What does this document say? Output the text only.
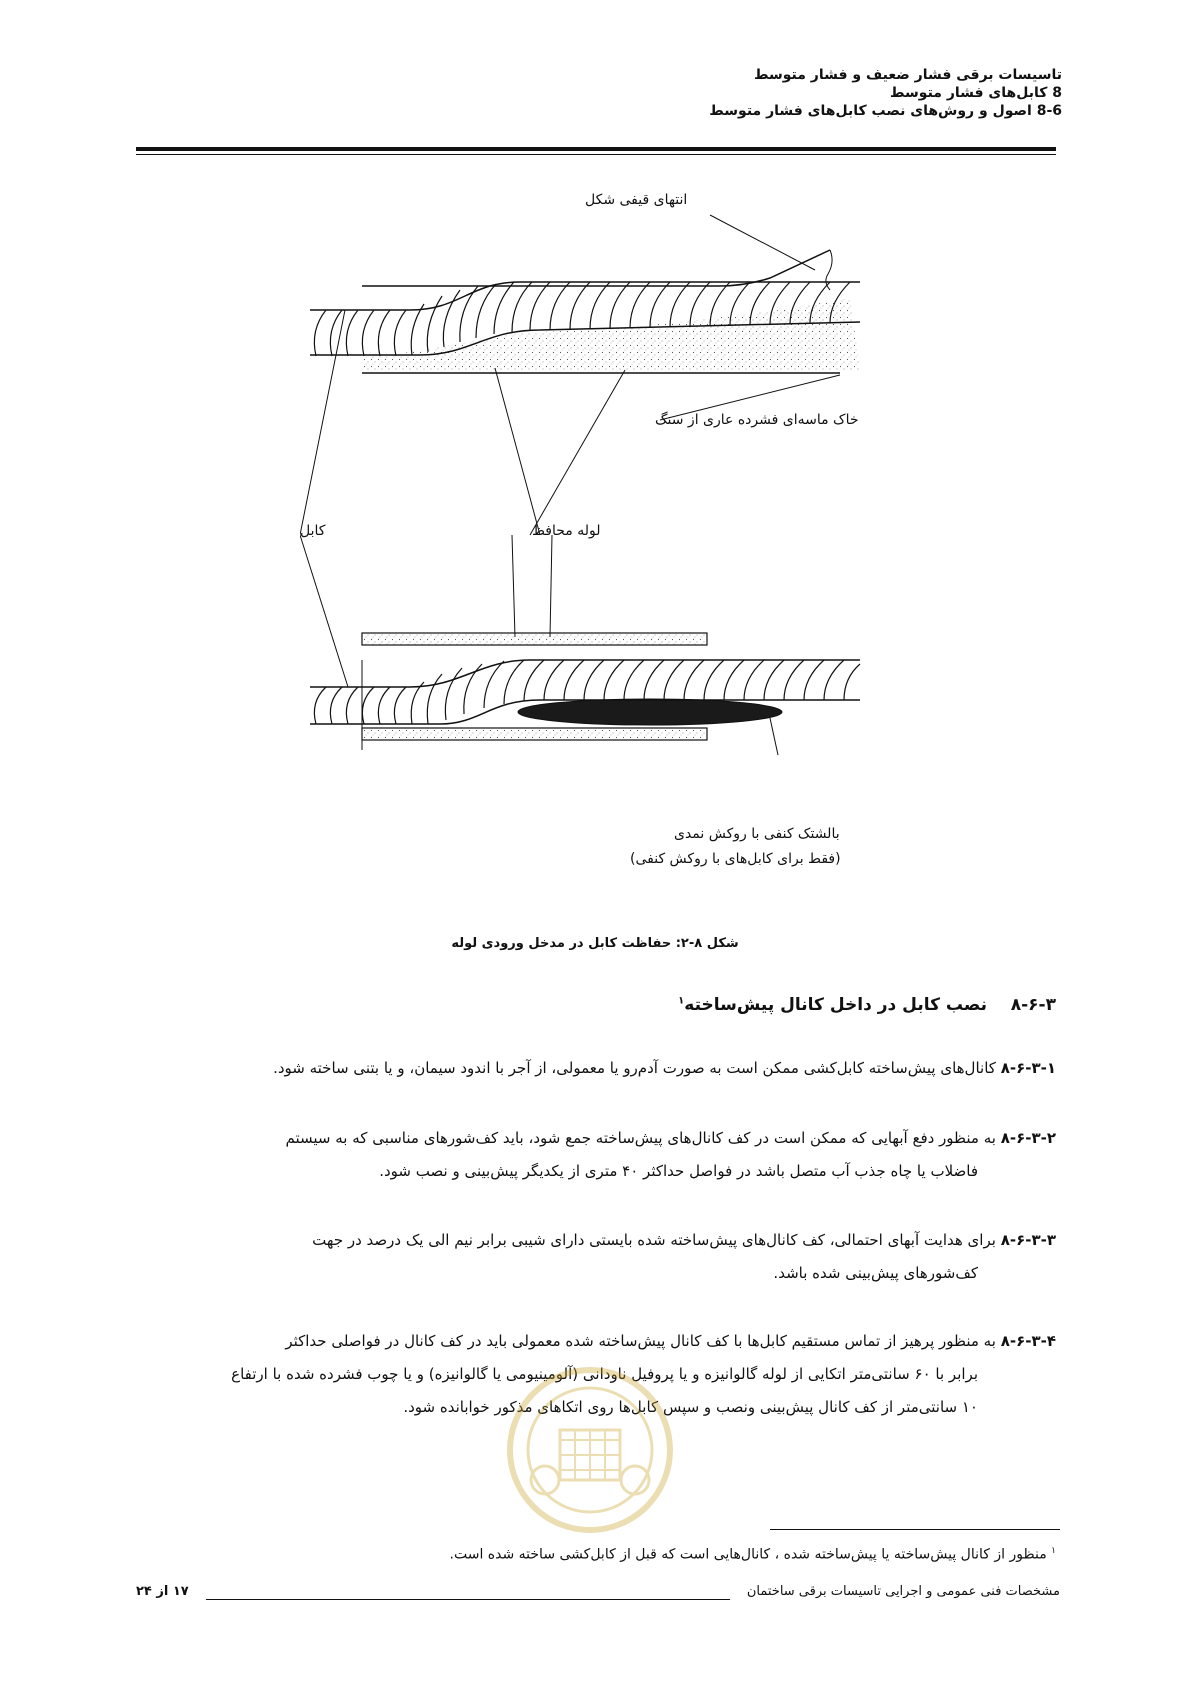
تاسیسات برقی فشار ضعیف و فشار متوسط
8 کابل‌های فشار متوسط
8-6 اصول و روش‌های نصب کابل‌های فشار متوسط
انتهای قیفی شکل
خاک ماسه‌ای فشرده عاری از سنگ
کابل	لوله محافظ
بالشتک کنفی با روکش نمدی
(فقط برای کابل‌های با روکش کنفی)
شکل ۸-۲: حفاظت کابل در مدخل ورودی لوله
۸-۶-۳    نصب کابل در داخل کانال پیش‌ساخته$^۱$
۸-۶-۳-۱ کانال‌های پیش‌ساخته کابل‌کشی ممکن است به صورت آدم‌رو یا معمولی، از آجر با اندود سیمان، و یا بتنی ساخته شود.
۸-۶-۳-۲ به منظور دفع آبهایی که ممکن است در کف کانال‌های پیش‌ساخته جمع شود، باید کف‌شورهای مناسبی که به سیستم
فاضلاب یا چاه جذب آب متصل باشد در فواصل حداکثر ۴۰ متری از یکدیگر پیش‌بینی و نصب شود.
۸-۶-۳-۳ برای هدایت آبهای احتمالی، کف کانال‌های پیش‌ساخته شده بایستی دارای شیبی برابر نیم الی یک درصد در جهت
کف‌شورهای پیش‌بینی شده باشد.
۸-۶-۳-۴ به منظور پرهیز از تماس مستقیم کابل‌ها با کف کانال پیش‌ساخته شده معمولی باید در کف کانال در فواصلی حداکثر
برابر با ۶۰ سانتی‌متر اتکایی از لوله گالوانیزه و یا پروفیل ناودانی (آلومینیومی یا گالوانیزه) و یا چوب فشرده شده با ارتفاع
۱۰ سانتی‌متر از کف کانال پیش‌بینی ونصب و سپس کابل‌ها روی اتکاهای مذکور خوابانده شود.
$^۱$ منظور از کانال پیش‌ساخته یا پیش‌ساخته شده ، کانال‌هایی است که قبل از کابل‌کشی ساخته شده است.
مشخصات فنی عمومی و اجرایی تاسیسات برقی ساختمان
۱۷ از ۲۴
